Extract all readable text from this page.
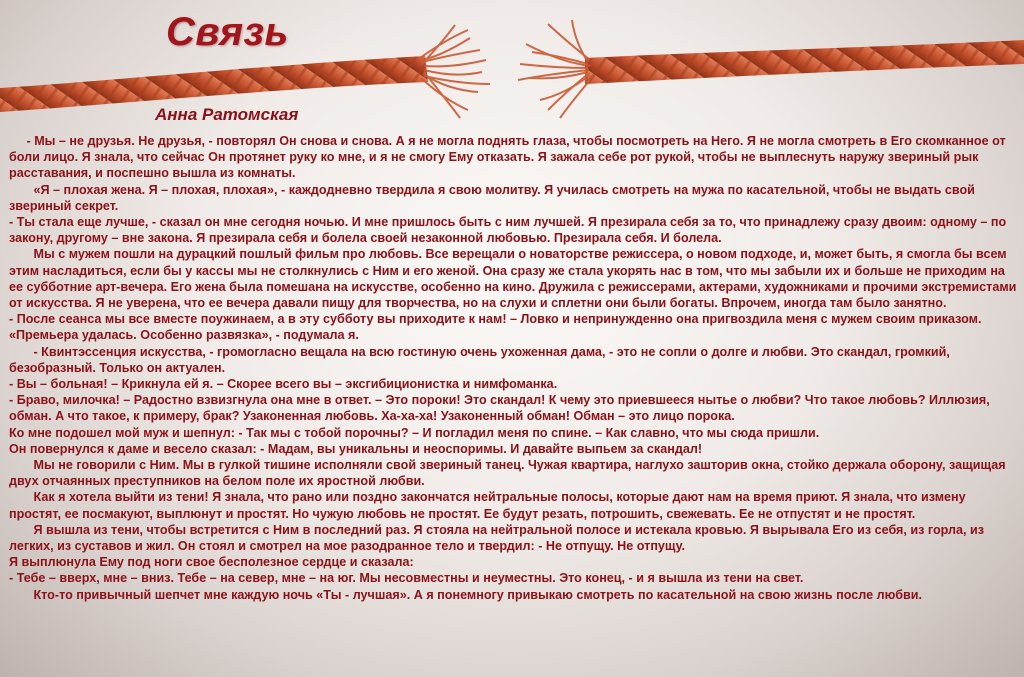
Связь
Анна Ратомская

- Мы – не друзья. Не друзья, - повторял Он снова и снова. А я не могла поднять глаза, чтобы посмотреть на Него. Я не могла смотреть в Его скомканное от боли лицо. Я знала, что сейчас Он протянет руку ко мне, и я не смогу Ему отказать. Я зажала себе рот рукой, чтобы не выплеснуть наружу звериный рык расставания, и поспешно вышла из комнаты.

«Я – плохая жена. Я – плохая, плохая», - каждодневно твердила я свою молитву. Я училась смотреть на мужа по касательной, чтобы не выдать свой звериный секрет.

- Ты стала еще лучше, - сказал он мне сегодня ночью. И мне пришлось быть с ним лучшей. Я презирала себя за то, что принадлежу сразу двоим: одному – по закону, другому – вне закона. Я презирала себя и болела своей незаконной любовью. Презирала себя. И болела.

Мы с мужем пошли на дурацкий пошлый фильм про любовь. Все верещали о новаторстве режиссера, о новом подходе, и, может быть, я смогла бы всем этим насладиться, если бы у кассы мы не столкнулись с Ним и его женой. Она сразу же стала укорять нас в том, что мы забыли их и больше не приходим на ее субботние арт-вечера. Его жена была помешана на искусстве, особенно на кино. Дружила с режиссерами, актерами, художниками и прочими экстремистами от искусства. Я не уверена, что ее вечера давали пищу для творчества, но на слухи и сплетни они были богаты. Впрочем, иногда там было занятно.

- После сеанса мы все вместе поужинаем, а в эту субботу вы приходите к нам! – Ловко и непринужденно она пригвоздила меня с мужем своим приказом. «Премьера удалась. Особенно развязка», - подумала я.

- Квинтэссенция искусства, - громогласно вещала на всю гостиную очень ухоженная дама, - это не сопли о долге и любви. Это скандал, громкий, безобразный. Только он актуален.

- Вы – больная! – Крикнула ей я. – Скорее всего вы – эксгибиционистка и нимфоманка.

- Браво, милочка! – Радостно взвизгнула она мне в ответ. – Это пороки! Это скандал! К чему это приевшееся нытье о любви? Что такое любовь? Иллюзия, обман. А что такое, к примеру, брак? Узаконенная любовь. Ха-ха-ха! Узаконенный обман! Обман – это лицо порока.

Ко мне подошел мой муж и шепнул: - Так мы с тобой порочны? – И погладил меня по спине. – Как славно, что мы сюда пришли.

Он повернулся к даме и весело сказал: - Мадам, вы уникальны и неоспоримы. И давайте выпьем за скандал!

Мы не говорили с Ним. Мы в гулкой тишине исполняли свой звериный танец. Чужая квартира, наглухо зашторив окна, стойко держала оборону, защищая двух отчаянных преступников на белом поле их яростной любви.

Как я хотела выйти из тени! Я знала, что рано или поздно закончатся нейтральные полосы, которые дают нам на время приют. Я знала, что измену простят, ее посмакуют, выплюнут и простят. Но чужую любовь не простят. Ее будут резать, потрошить, свежевать. Ее не отпустят и не простят.

Я вышла из тени, чтобы встретится с Ним в последний раз. Я стояла на нейтральной полосе и истекала кровью. Я вырывала Его из себя, из горла, из легких, из суставов и жил. Он стоял и смотрел на мое разодранное тело и твердил: - Не отпущу. Не отпущу.

Я выплюнула Ему под ноги свое бесполезное сердце и сказала:

- Тебе – вверх, мне – вниз. Тебе – на север, мне – на юг. Мы несовместны и неуместны. Это конец, - и я вышла из тени на свет.

Кто-то привычный шепчет мне каждую ночь «Ты - лучшая». А я понемногу привыкаю смотреть по касательной на свою жизнь после любви.
